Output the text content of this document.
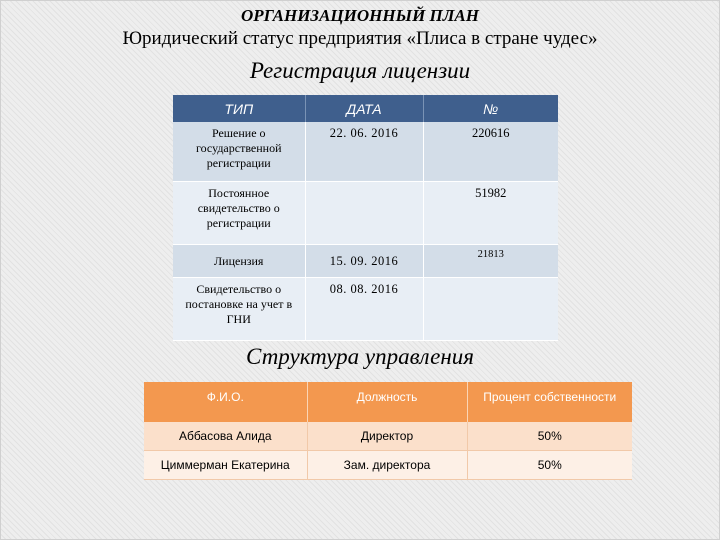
ОРГАНИЗАЦИОННЫЙ ПЛАН
Юридический статус предприятия «Плиса в стране чудес»
Регистрация лицензии
ТИП	ДАТА	№
Решение о государственной регистрации	22. 06. 2016	220616
Постоянное свидетельство о регистрации		51982
Лицензия	15. 09. 2016	21813
Свидетельство о постановке на учет в ГНИ	08. 08. 2016	
Структура управления
Ф.И.О.	Должность	Процент собственности
Аббасова Алида	Директор	50%
Циммерман Екатерина	Зам. директора	50%
